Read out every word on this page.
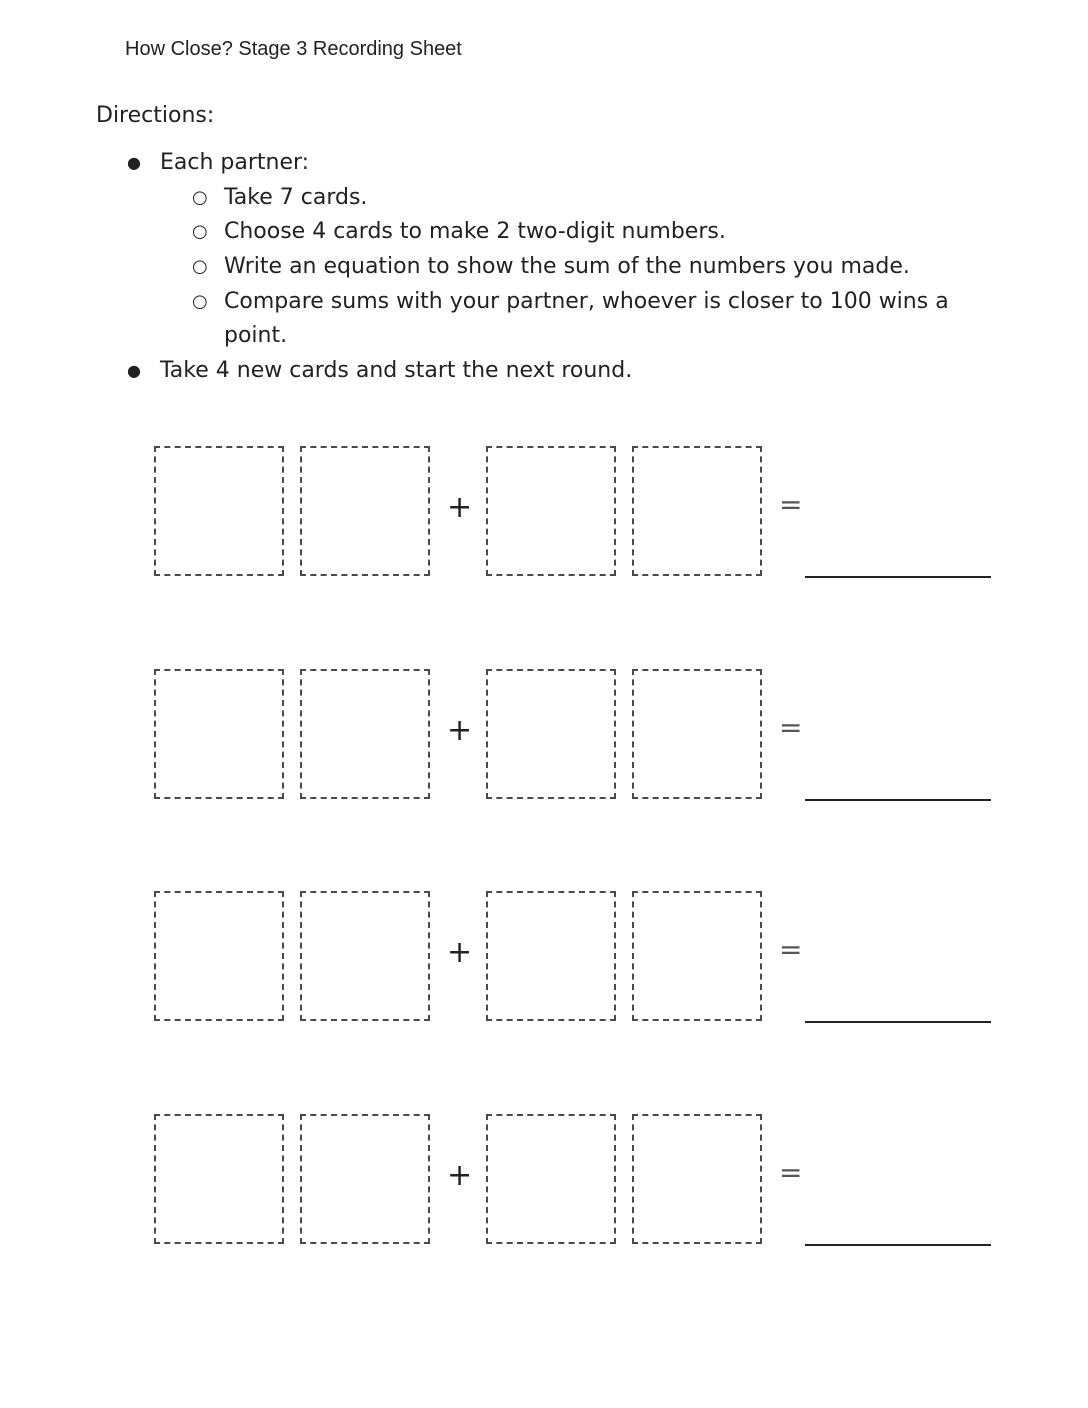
How Close? Stage 3 Recording Sheet
Directions:
● Each partner:
○ Take 7 cards.
○ Choose 4 cards to make 2 two-digit numbers.
○ Write an equation to show the sum of the numbers you made.
○ Compare sums with your partner, whoever is closer to 100 wins a point.
● Take 4 new cards and start the next round.
+	=
+	=
+	=
+	=
